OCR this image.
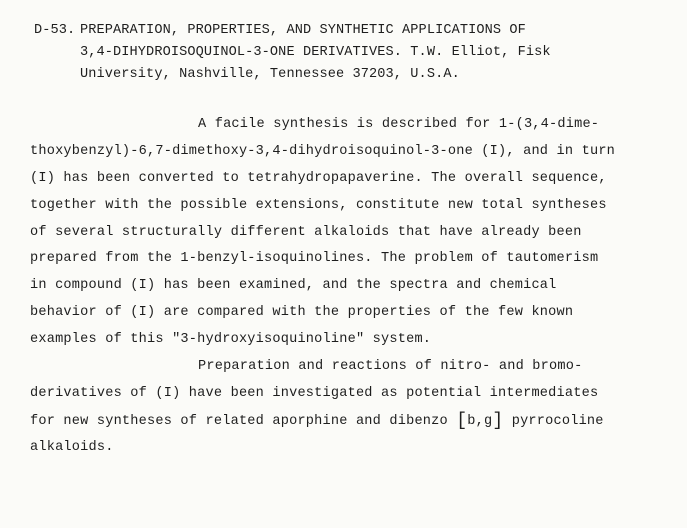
D-53. PREPARATION, PROPERTIES, AND SYNTHETIC APPLICATIONS OF
3,4-DIHYDROISOQUINOL-3-ONE DERIVATIVES. T.W. Elliot, Fisk
University, Nashville, Tennessee 37203, U.S.A.
A facile synthesis is described for 1-(3,4-dime-
thoxybenzyl)-6,7-dimethoxy-3,4-dihydroisoquinol-3-one (I), and in turn
(I) has been converted to tetrahydropapaverine. The overall sequence,
together with the possible extensions, constitute new total syntheses
of several structurally different alkaloids that have already been
prepared from the 1-benzyl-isoquinolines. The problem of tautomerism
in compound (I) has been examined, and the spectra and chemical
behavior of (I) are compared with the properties of the few known
examples of this "3-hydroxyisoquinoline" system.
Preparation and reactions of nitro- and bromo-
derivatives of (I) have been investigated as potential intermediates
for new syntheses of related aporphine and dibenzo [b,g] pyrrocoline
alkaloids.
